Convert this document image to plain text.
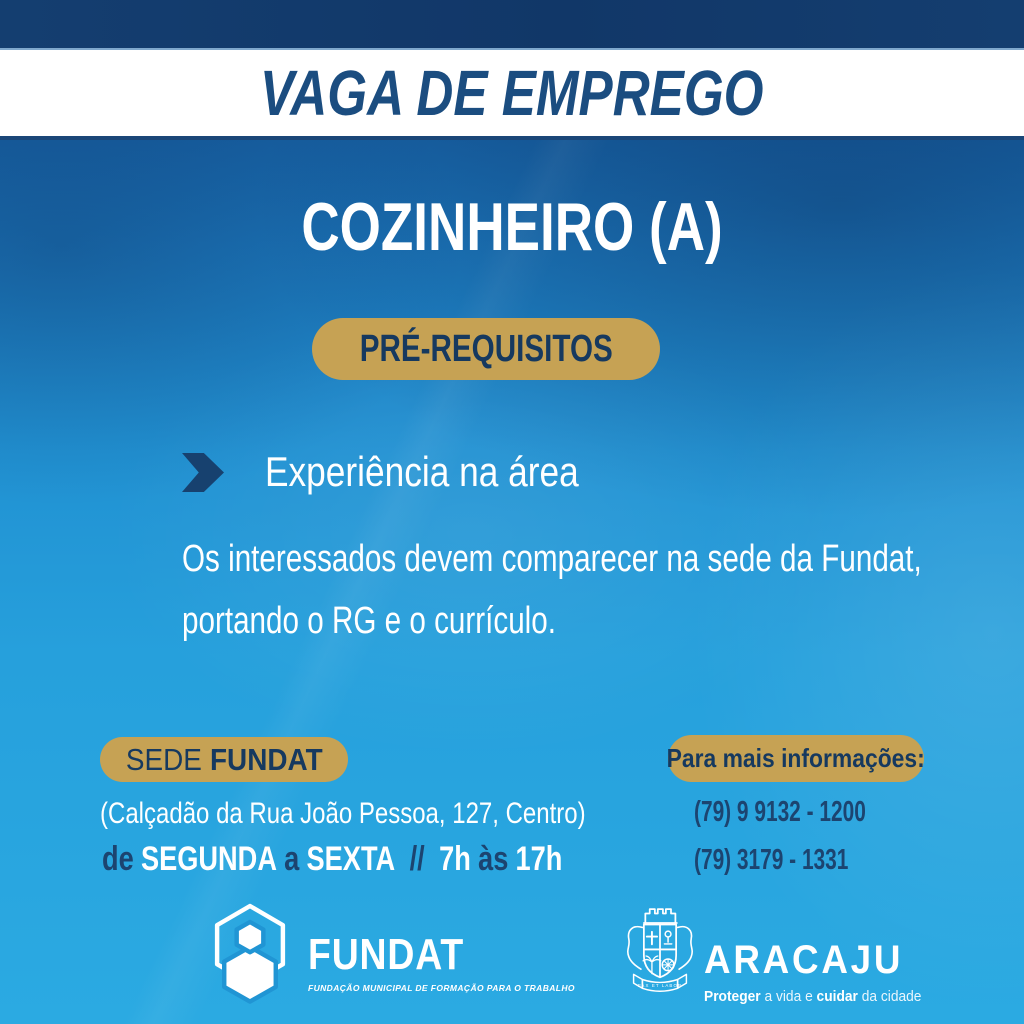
VAGA DE EMPREGO
COZINHEIRO (A)
PRÉ-REQUISITOS
Experiência na área
Os interessados devem comparecer na sede da Fundat,
portando o RG e o currículo.
SEDE FUNDAT
(Calçadão da Rua João Pessoa, 127, Centro)
de SEGUNDA a SEXTA // 7h às 17h
Para mais informações:
(79) 9 9132 - 1200
(79) 3179 - 1331
FUNDAT
FUNDAÇÃO MUNICIPAL DE FORMAÇÃO PARA O TRABALHO	PAX ET LABOR
ARACAJU
Proteger a vida e cuidar da cidade
